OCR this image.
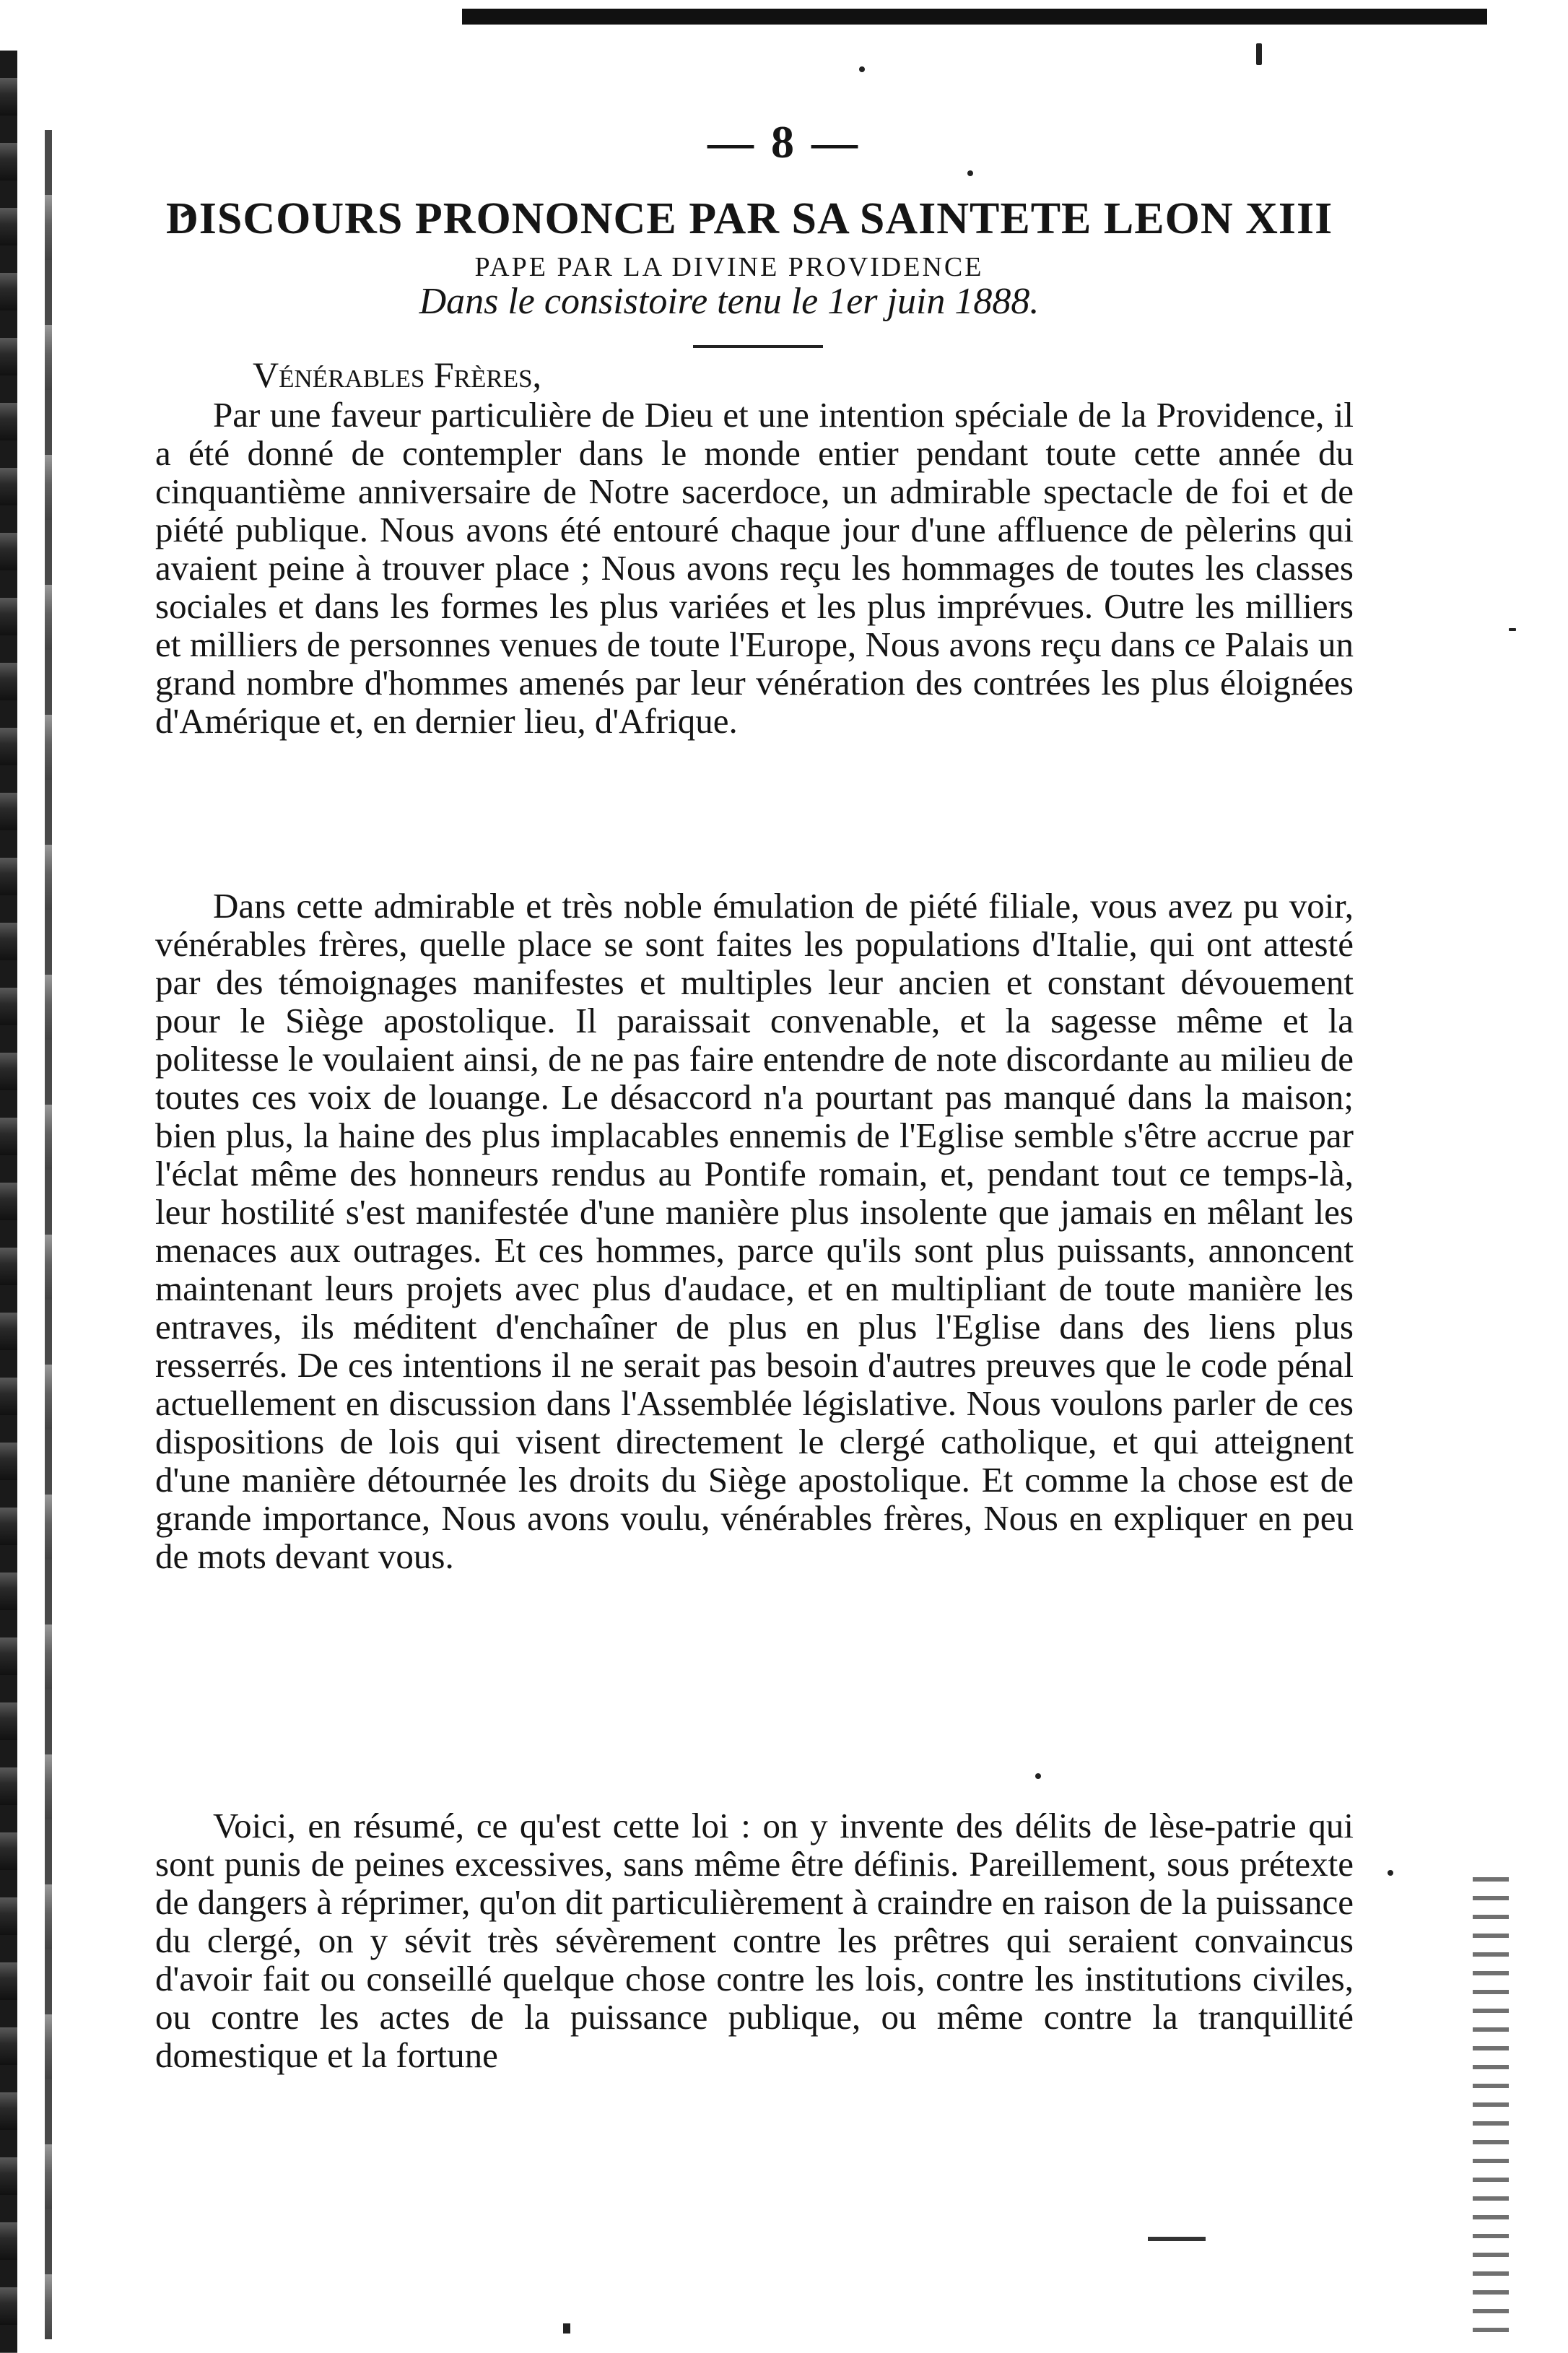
— 8 —
DISCOURS PRONONCE PAR SA SAINTETE LEON XIII
PAPE PAR LA DIVINE PROVIDENCE
Dans le consistoire tenu le 1er juin 1888.
Vénérables Frères,

Par une faveur particulière de Dieu et une intention spéciale de la Providence, il a été donné de contempler dans le monde entier pendant toute cette année du cinquantième anniversaire de Notre sacerdoce, un admirable spectacle de foi et de piété publique. Nous avons été entouré chaque jour d'une affluence de pèlerins qui avaient peine à trouver place ; Nous avons reçu les hommages de toutes les classes sociales et dans les formes les plus variées et les plus imprévues. Outre les milliers et milliers de personnes venues de toute l'Europe, Nous avons reçu dans ce Palais un grand nombre d'hommes amenés par leur vénération des contrées les plus éloignées d'Amérique et, en dernier lieu, d'Afrique.

Dans cette admirable et très noble émulation de piété filiale, vous avez pu voir, vénérables frères, quelle place se sont faites les populations d'Italie, qui ont attesté par des témoignages manifestes et multiples leur ancien et constant dévouement pour le Siège apostolique. Il paraissait convenable, et la sagesse même et la politesse le voulaient ainsi, de ne pas faire entendre de note discordante au milieu de toutes ces voix de louange. Le désaccord n'a pourtant pas manqué dans la maison; bien plus, la haine des plus implacables ennemis de l'Eglise semble s'être accrue par l'éclat même des honneurs rendus au Pontife romain, et, pendant tout ce temps-là, leur hostilité s'est manifestée d'une manière plus insolente que jamais en mêlant les menaces aux outrages. Et ces hommes, parce qu'ils sont plus puissants, annoncent maintenant leurs projets avec plus d'audace, et en multipliant de toute manière les entraves, ils méditent d'enchaîner de plus en plus l'Eglise dans des liens plus resserrés. De ces intentions il ne serait pas besoin d'autres preuves que le code pénal actuellement en discussion dans l'Assemblée législative. Nous voulons parler de ces dispositions de lois qui visent directement le clergé catholique, et qui atteignent d'une manière détournée les droits du Siège apostolique. Et comme la chose est de grande importance, Nous avons voulu, vénérables frères, Nous en expliquer en peu de mots devant vous.

Voici, en résumé, ce qu'est cette loi : on y invente des délits de lèse-patrie qui sont punis de peines excessives, sans même être définis. Pareillement, sous prétexte de dangers à réprimer, qu'on dit particulièrement à craindre en raison de la puissance du clergé, on y sévit très sévèrement contre les prêtres qui seraient convaincus d'avoir fait ou conseillé quelque chose contre les lois, contre les institutions civiles, ou contre les actes de la puissance publique, ou même contre la tranquillité domestique et la fortune
